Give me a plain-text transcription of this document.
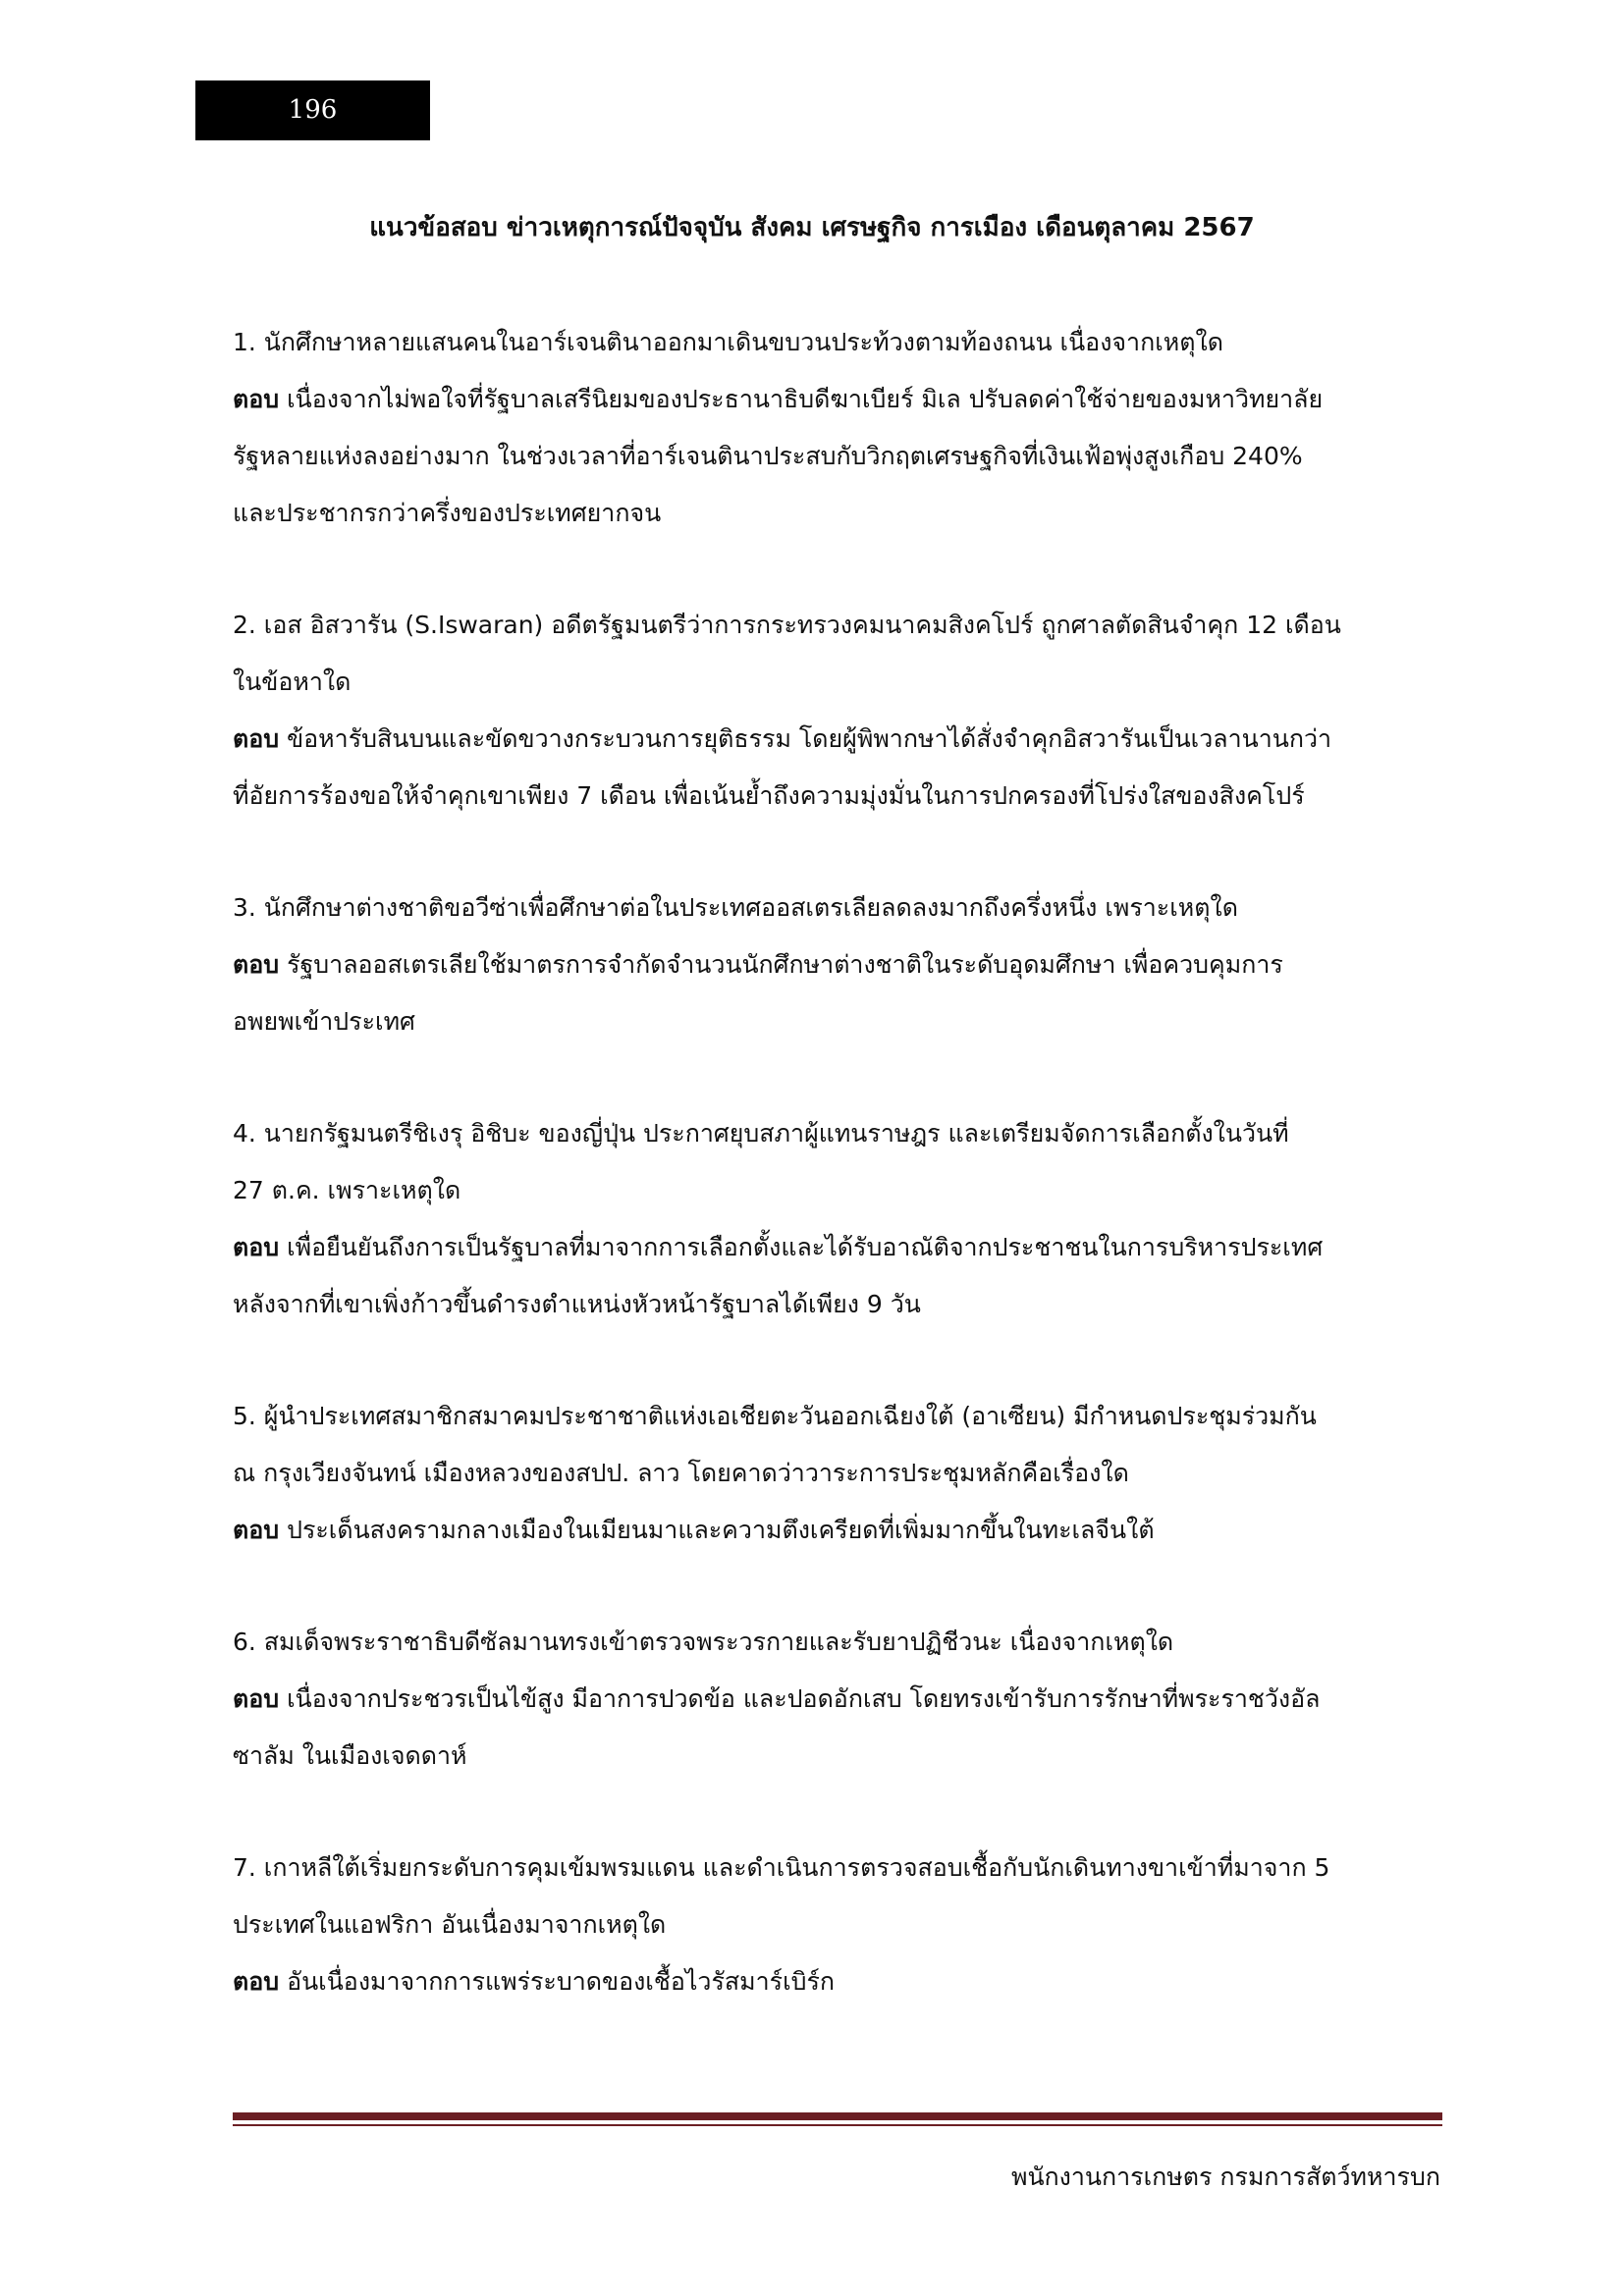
196
แนวข้อสอบ ข่าวเหตุการณ์ปัจจุบัน สังคม เศรษฐกิจ การเมือง เดือนตุลาคม 2567
1. นักศึกษาหลายแสนคนในอาร์เจนตินาออกมาเดินขบวนประท้วงตามท้องถนน เนื่องจากเหตุใด
ตอบ เนื่องจากไม่พอใจที่รัฐบาลเสรีนิยมของประธานาธิบดีฆาเบียร์ มิเล ปรับลดค่าใช้จ่ายของมหาวิทยาลัย
รัฐหลายแห่งลงอย่างมาก ในช่วงเวลาที่อาร์เจนตินาประสบกับวิกฤตเศรษฐกิจที่เงินเฟ้อพุ่งสูงเกือบ 240%
และประชากรกว่าครึ่งของประเทศยากจน
2. เอส อิสวารัน (S.Iswaran) อดีตรัฐมนตรีว่าการกระทรวงคมนาคมสิงคโปร์ ถูกศาลตัดสินจำคุก 12 เดือน
ในข้อหาใด
ตอบ ข้อหารับสินบนและขัดขวางกระบวนการยุติธรรม โดยผู้พิพากษาได้สั่งจำคุกอิสวารันเป็นเวลานานกว่า
ที่อัยการร้องขอให้จำคุกเขาเพียง 7 เดือน เพื่อเน้นย้ำถึงความมุ่งมั่นในการปกครองที่โปร่งใสของสิงคโปร์
3. นักศึกษาต่างชาติขอวีซ่าเพื่อศึกษาต่อในประเทศออสเตรเลียลดลงมากถึงครึ่งหนึ่ง เพราะเหตุใด
ตอบ รัฐบาลออสเตรเลียใช้มาตรการจำกัดจำนวนนักศึกษาต่างชาติในระดับอุดมศึกษา เพื่อควบคุมการ
อพยพเข้าประเทศ
4. นายกรัฐมนตรีชิเงรุ อิชิบะ ของญี่ปุ่น ประกาศยุบสภาผู้แทนราษฎร และเตรียมจัดการเลือกตั้งในวันที่
27 ต.ค. เพราะเหตุใด
ตอบ เพื่อยืนยันถึงการเป็นรัฐบาลที่มาจากการเลือกตั้งและได้รับอาณัติจากประชาชนในการบริหารประเทศ
หลังจากที่เขาเพิ่งก้าวขึ้นดำรงตำแหน่งหัวหน้ารัฐบาลได้เพียง 9 วัน
5. ผู้นำประเทศสมาชิกสมาคมประชาชาติแห่งเอเชียตะวันออกเฉียงใต้ (อาเซียน) มีกำหนดประชุมร่วมกัน
ณ กรุงเวียงจันทน์ เมืองหลวงของสปป. ลาว โดยคาดว่าวาระการประชุมหลักคือเรื่องใด
ตอบ ประเด็นสงครามกลางเมืองในเมียนมาและความตึงเครียดที่เพิ่มมากขึ้นในทะเลจีนใต้
6. สมเด็จพระราชาธิบดีซัลมานทรงเข้าตรวจพระวรกายและรับยาปฏิชีวนะ เนื่องจากเหตุใด
ตอบ เนื่องจากประชวรเป็นไข้สูง มีอาการปวดข้อ และปอดอักเสบ โดยทรงเข้ารับการรักษาที่พระราชวังอัล
ซาลัม ในเมืองเจดดาห์
7. เกาหลีใต้เริ่มยกระดับการคุมเข้มพรมแดน และดำเนินการตรวจสอบเชื้อกับนักเดินทางขาเข้าที่มาจาก 5
ประเทศในแอฟริกา อันเนื่องมาจากเหตุใด
ตอบ อันเนื่องมาจากการแพร่ระบาดของเชื้อไวรัสมาร์เบิร์ก
พนักงานการเกษตร กรมการสัตว์ทหารบก
